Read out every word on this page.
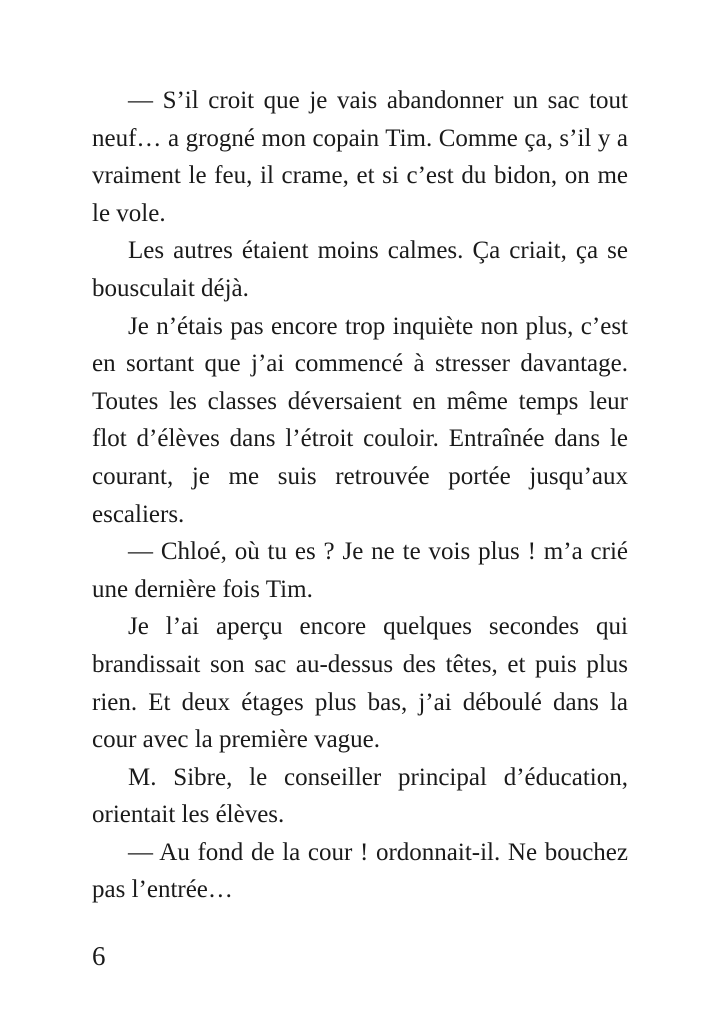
— S’il croit que je vais abandonner un sac tout neuf… a grogné mon copain Tim. Comme ça, s’il y a vraiment le feu, il crame, et si c’est du bidon, on me le vole.

Les autres étaient moins calmes. Ça criait, ça se bousculait déjà.

Je n’étais pas encore trop inquiète non plus, c’est en sortant que j’ai commencé à stresser davantage. Toutes les classes déversaient en même temps leur flot d’élèves dans l’étroit couloir. Entraînée dans le courant, je me suis retrouvée portée jusqu’aux escaliers.

— Chloé, où tu es ? Je ne te vois plus ! m’a crié une dernière fois Tim.

Je l’ai aperçu encore quelques secondes qui brandissait son sac au-dessus des têtes, et puis plus rien. Et deux étages plus bas, j’ai déboulé dans la cour avec la première vague.

M. Sibre, le conseiller principal d’éducation, orientait les élèves.

— Au fond de la cour ! ordonnait-il. Ne bouchez pas l’entrée…

6
